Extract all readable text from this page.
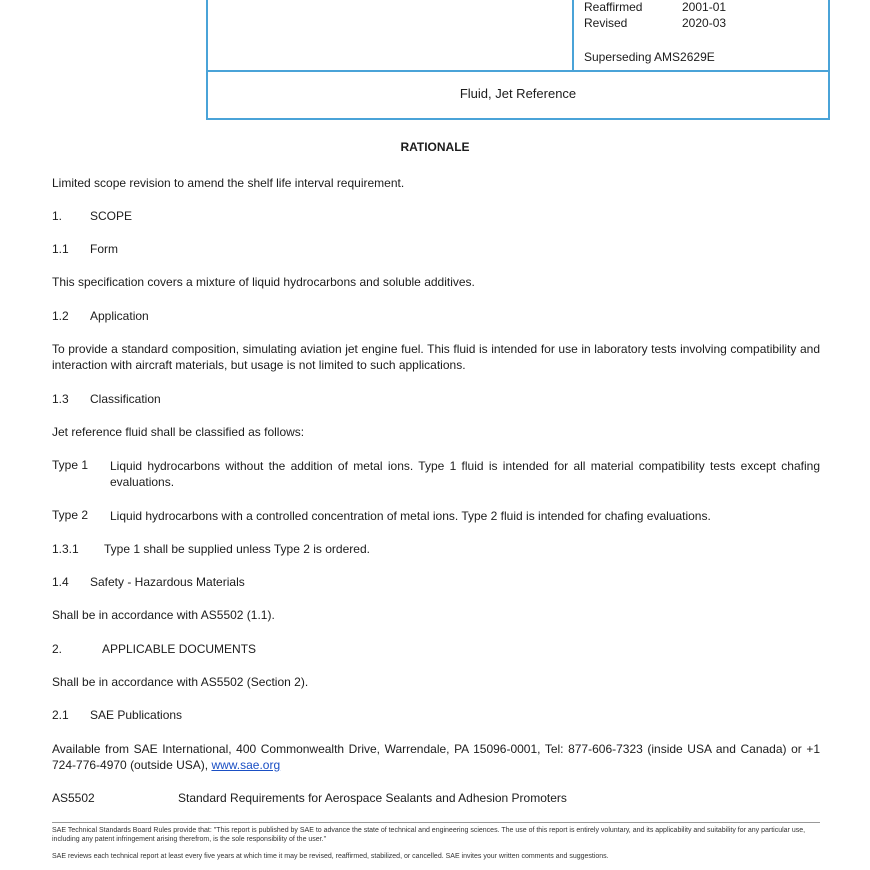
Reaffirmed	2001-01
Revised	2020-03
Superseding AMS2629E
Fluid, Jet Reference
RATIONALE
Limited scope revision to amend the shelf life interval requirement.
1. SCOPE
1.1 Form
This specification covers a mixture of liquid hydrocarbons and soluble additives.
1.2 Application
To provide a standard composition, simulating aviation jet engine fuel. This fluid is intended for use in laboratory tests involving compatibility and interaction with aircraft materials, but usage is not limited to such applications.
1.3 Classification
Jet reference fluid shall be classified as follows:
Type 1 Liquid hydrocarbons without the addition of metal ions. Type 1 fluid is intended for all material compatibility tests except chafing evaluations.
Type 2 Liquid hydrocarbons with a controlled concentration of metal ions. Type 2 fluid is intended for chafing evaluations.
1.3.1 Type 1 shall be supplied unless Type 2 is ordered.
1.4 Safety - Hazardous Materials
Shall be in accordance with AS5502 (1.1).
2.	APPLICABLE DOCUMENTS
Shall be in accordance with AS5502 (Section 2).
2.1 SAE Publications
Available from SAE International, 400 Commonwealth Drive, Warrendale, PA 15096-0001, Tel: 877-606-7323 (inside USA and Canada) or +1 724-776-4970 (outside USA), www.sae.org
AS5502	Standard Requirements for Aerospace Sealants and Adhesion Promoters
SAE Technical Standards Board Rules provide that: "This report is published by SAE to advance the state of technical and engineering sciences. The use of this report is entirely voluntary, and its applicability and suitability for any particular use, including any patent infringement arising therefrom, is the sole responsibility of the user."
SAE reviews each technical report at least every five years at which time it may be revised, reaffirmed, stabilized, or cancelled. SAE invites your written comments and suggestions.
